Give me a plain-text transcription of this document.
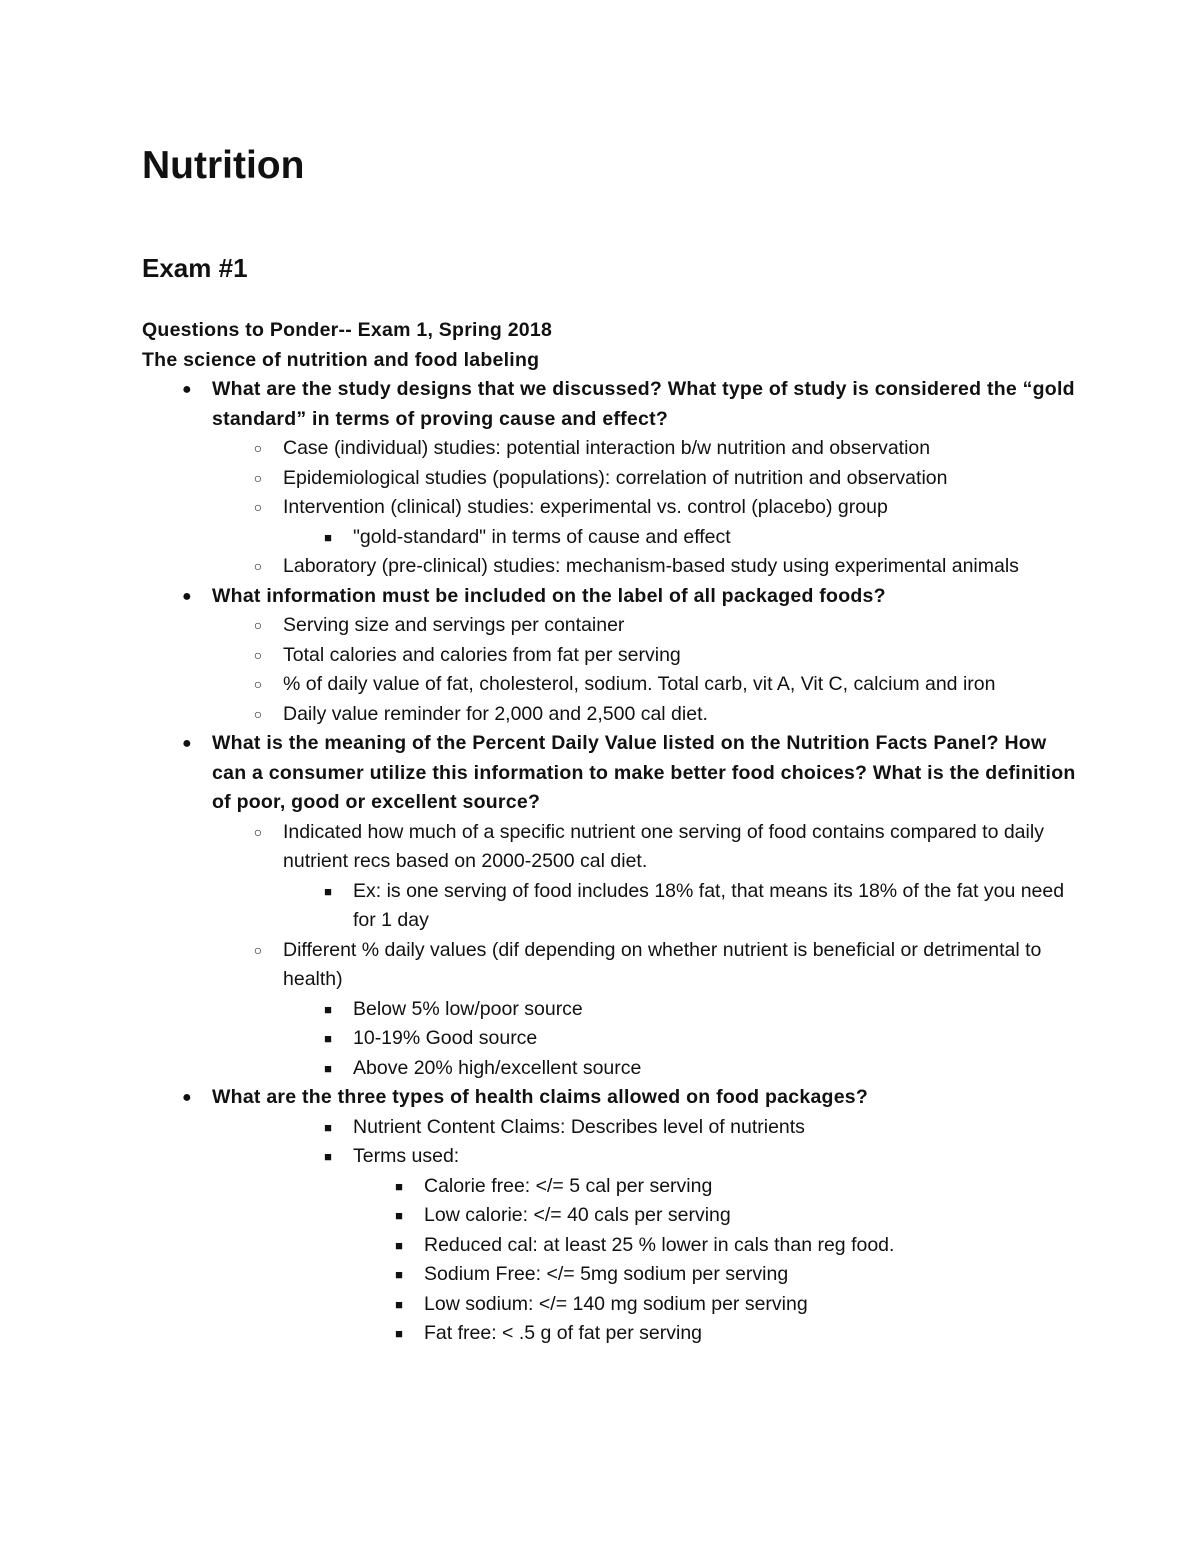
Nutrition
Exam #1
Questions to Ponder-- Exam 1, Spring 2018
The science of nutrition and food labeling
●	What are the study designs that we discussed? What type of study is considered the “gold standard” in terms of proving cause and effect?

○	Case (individual) studies: potential interaction b/w nutrition and observation

○	Epidemiological studies (populations): correlation of nutrition and observation

○	Intervention (clinical) studies: experimental vs. control (placebo) group

■	"gold-standard" in terms of cause and effect

○	Laboratory (pre-clinical) studies: mechanism-based study using experimental animals

●	What information must be included on the label of all packaged foods?

○	Serving size and servings per container

○	Total calories and calories from fat per serving

○	% of daily value of fat, cholesterol, sodium. Total carb, vit A, Vit C, calcium and iron

○	Daily value reminder for 2,000 and 2,500 cal diet.

●	What is the meaning of the Percent Daily Value listed on the Nutrition Facts Panel? How can a consumer utilize this information to make better food choices? What is the definition of poor, good or excellent source?

○	Indicated how much of a specific nutrient one serving of food contains compared to daily nutrient recs based on 2000-2500 cal diet.

■	Ex: is one serving of food includes 18% fat, that means its 18% of the fat you need for 1 day

○	Different % daily values (dif depending on whether nutrient is beneficial or detrimental to health)

■	Below 5% low/poor source

■	10-19% Good source

■	Above 20% high/excellent source

●	What are the three types of health claims allowed on food packages?

■	Nutrient Content Claims: Describes level of nutrients

■	Terms used:

■	Calorie free: </= 5 cal per serving

■	Low calorie: </= 40 cals per serving

■	Reduced cal: at least 25 % lower in cals than reg food.

■	Sodium Free: </= 5mg sodium per serving

■	Low sodium: </= 140 mg sodium per serving

■	Fat free: < .5 g of fat per serving
